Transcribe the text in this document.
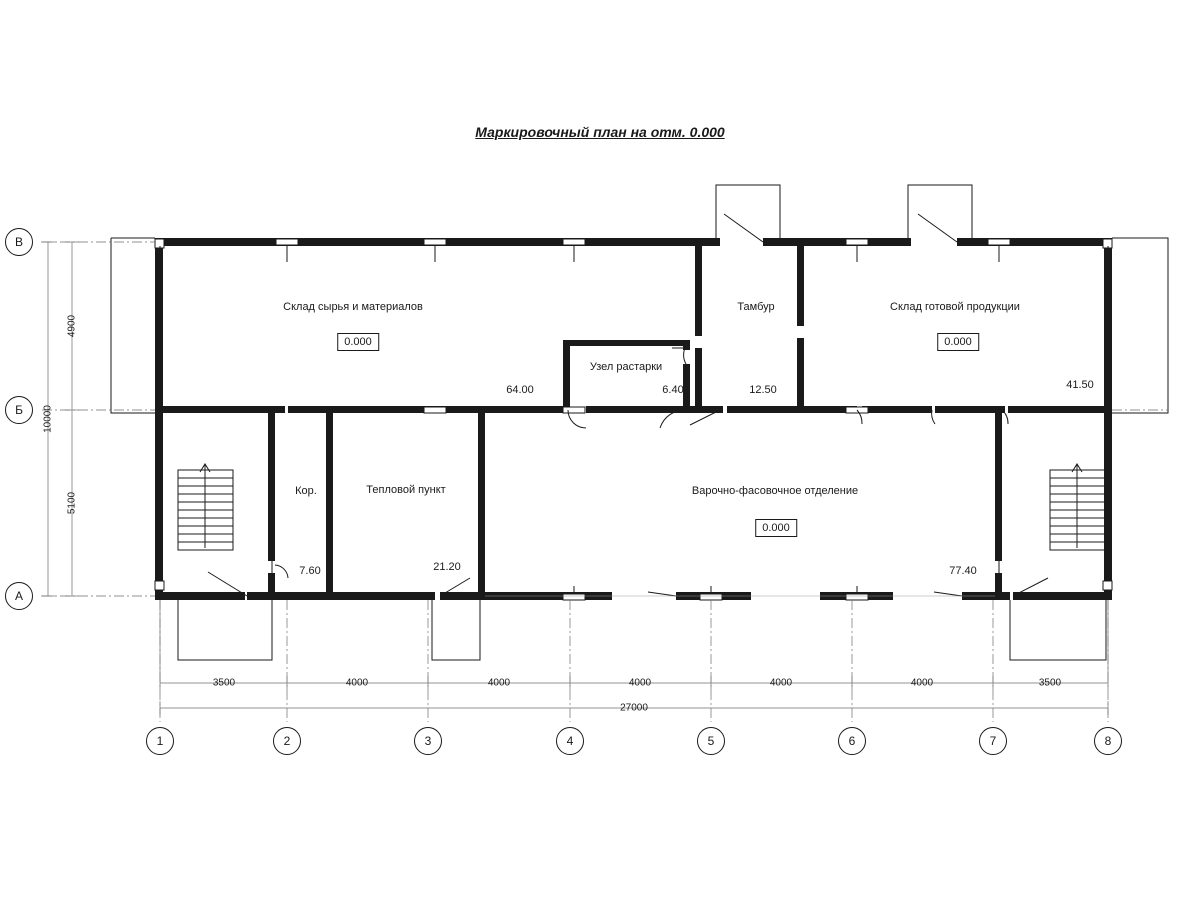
Маркировочный план на отм. 0.000
Склад сырья и материалов
0.000
64.00
Узел растарки
6.40
Тамбур
12.50
Склад готовой продукции
0.000
41.50
Кор.
7.60
Тепловой пункт
21.20
Варочно-фасовочное отделение
0.000
77.40
В
Б
А
1	2	3	4	5	6	7	8
3500	4000	4000	4000	4000	4000	3500
27000
4900
5100
10000
